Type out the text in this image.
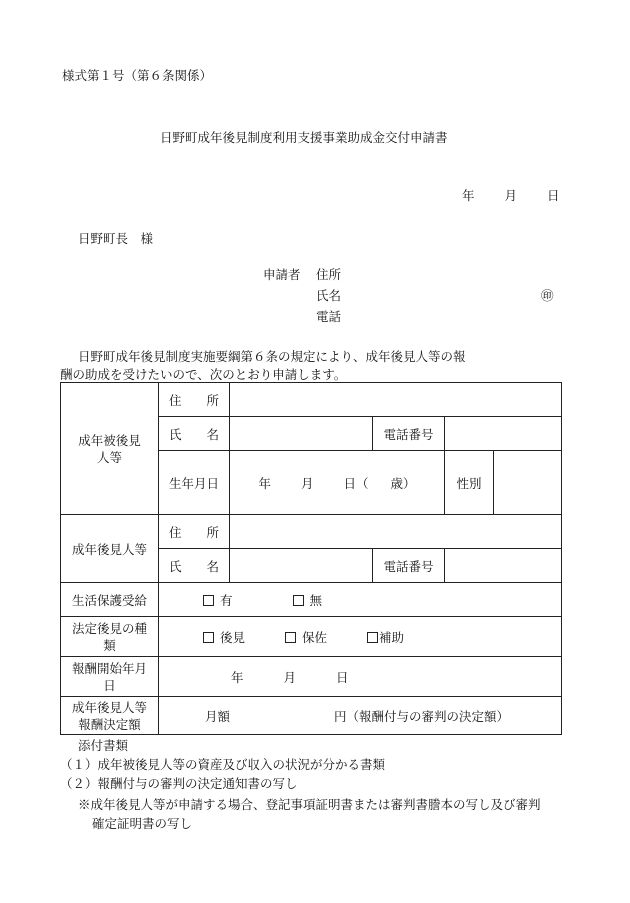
様式第１号（第６条関係）
日野町成年後見制度利用支援事業助成金交付申請書
年 月 日
日野町長　様
申請者 住所
氏名	㊞
電話
日野町成年後見制度実施要綱第６条の規定により、成年後見人等の報
酬の助成を受けたいので、次のとおり申請します。
成年被後見人等	住　　所				
	氏　　名		電話番号		
	生年月日	年 月 日（ 歳）		性別	
成年後見人等	住　　所				
	氏　　名		電話番号		
生活保護受給	有 無				
法定後見の種類	後見 保佐 補助				
報酬開始年月日	年 月 日				
成年後見人等報酬決定額	月額 円（報酬付与の審判の決定額）				
添付書類
（１）成年被後見人等の資産及び収入の状況が分かる書類
（２）報酬付与の審判の決定通知書の写し
※成年後見人等が申請する場合、登記事項証明書または審判書謄本の写し及び審判
確定証明書の写し
